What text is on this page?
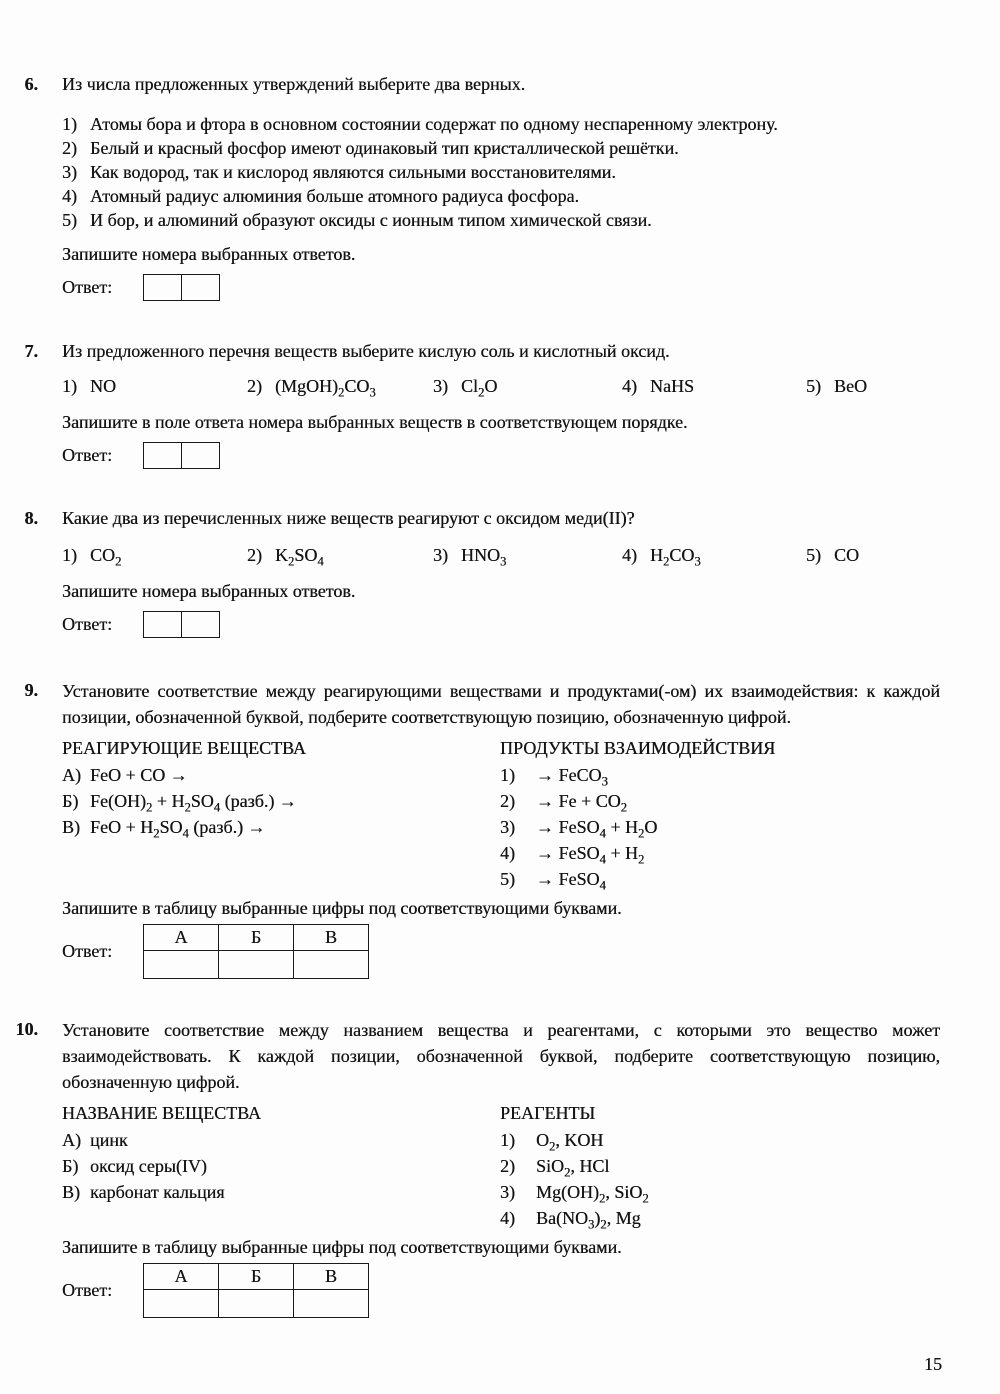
6. Из числа предложенных утверждений выберите два верных.
1) Атомы бора и фтора в основном состоянии содержат по одному неспаренному электрону.
2) Белый и красный фосфор имеют одинаковый тип кристаллической решётки.
3) Как водород, так и кислород являются сильными восстановителями.
4) Атомный радиус алюминия больше атомного радиуса фосфора.
5) И бор, и алюминий образуют оксиды с ионным типом химической связи.
Запишите номера выбранных ответов.
Ответ:
7. Из предложенного перечня веществ выберите кислую соль и кислотный оксид.
1) NO	2) $(MgOH)_2CO_3$	3) $Cl_2O$	4) NaHS	5) BeO
Запишите в поле ответа номера выбранных веществ в соответствующем порядке.
Ответ:
8. Какие два из перечисленных ниже веществ реагируют с оксидом меди(II)?
1) $CO_2$	2) $K_2SO_4$	3) $HNO_3$	4) $H_2CO_3$	5) CO
Запишите номера выбранных ответов.
Ответ:
9. Установите соответствие между реагирующими веществами и продуктами(-ом) их взаимодействия: к каждой позиции, обозначенной буквой, подберите соответствующую позицию, обозначенную цифрой.
РЕАГИРУЮЩИЕ ВЕЩЕСТВА
А) FeO + CO →
Б) $Fe(OH)_2 + H_2SO_4$ (разб.) →
В) FeO + $H_2SO_4$ (разб.) →
ПРОДУКТЫ ВЗАИМОДЕЙСТВИЯ
1)	→ FeCO$_3$
2)	→ $Fe + CO_2$
3)	→ FeSO$_4$ + $H_2O$
4)	→ FeSO$_4$ + $H_2$
5)	→ FeSO$_4$
Запишите в таблицу выбранные цифры под соответствующими буквами.
Ответ:
А	Б	В

10. Установите соответствие между названием вещества и реагентами, с которыми это вещество может взаимодействовать. К каждой позиции, обозначенной буквой, подберите соответствующую позицию, обозначенную цифрой.
НАЗВАНИЕ ВЕЩЕСТВА
А) цинк
Б) оксид серы(IV)
В) карбонат кальция
РЕАГЕНТЫ
1)	$O_2$, KOH
2)	SiO$_2$, HCl
3)	$Mg(OH)_2$, SiO$_2$
4)	$Ba(NO_3)_2$, Mg
Запишите в таблицу выбранные цифры под соответствующими буквами.
Ответ:
А	Б	В

15
